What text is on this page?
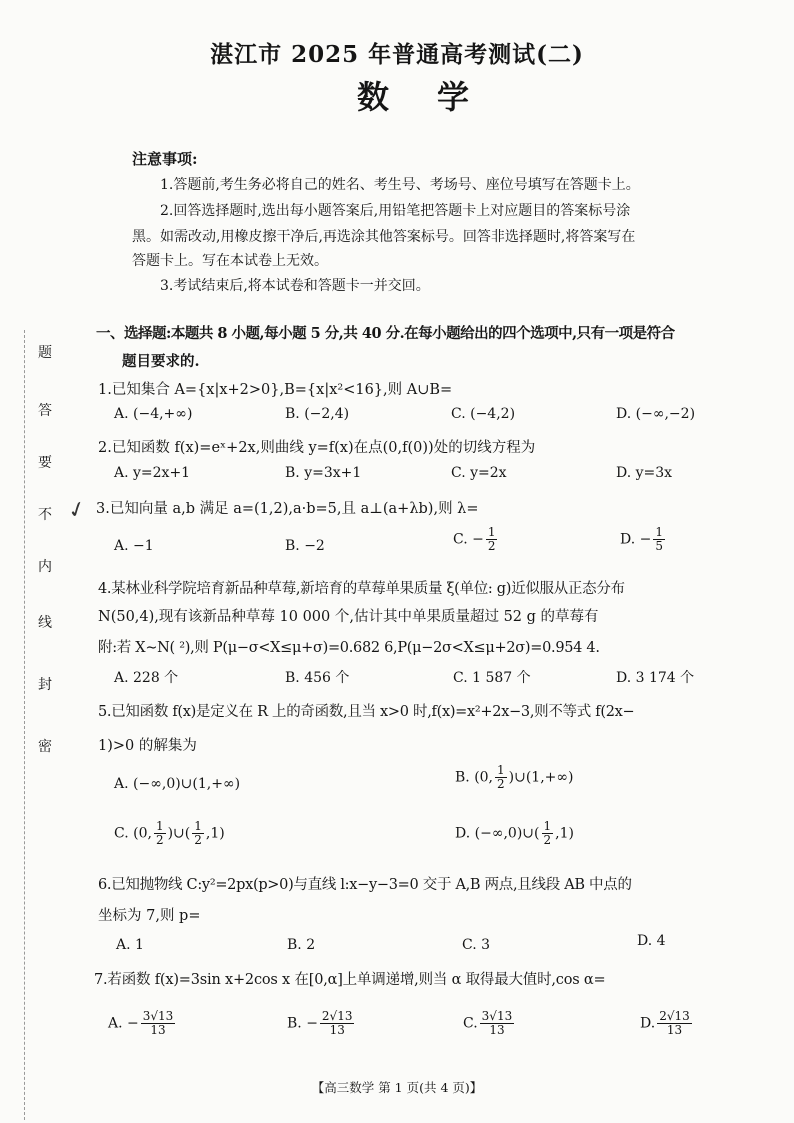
题
答
要
不
内
线
封
密
✓
湛江市 2025 年普通高考测试(二)
数学
注意事项:
1.答题前,考生务必将自己的姓名、考生号、考场号、座位号填写在答题卡上。
2.回答选择题时,选出每小题答案后,用铅笔把答题卡上对应题目的答案标号涂
黑。如需改动,用橡皮擦干净后,再选涂其他答案标号。回答非选择题时,将答案写在
答题卡上。写在本试卷上无效。
3.考试结束后,将本试卷和答题卡一并交回。
一、选择题:本题共 8 小题,每小题 5 分,共 40 分.在每小题给出的四个选项中,只有一项是符合
题目要求的.
1.已知集合 A={x|x+2>0},B={x|x²<16},则 A∪B=
A. (−4,+∞)	B. (−2,4)	C. (−4,2)	D. (−∞,−2)
2.已知函数 f(x)=eˣ+2x,则曲线 y=f(x)在点(0,f(0))处的切线方程为
A. y=2x+1	B. y=3x+1	C. y=2x	D. y=3x
3.已知向量 a,b 满足 a=(1,2),a·b=5,且 a⊥(a+λb),则 λ=
A. −1	B. −2	C. − $\frac{1}{2}$	D. − $\frac{1}{5}$
4.某林业科学院培育新品种草莓,新培育的草莓单果质量 ξ(单位: g)近似服从正态分布
N(50,4),现有该新品种草莓 10 000 个,估计其中单果质量超过 52 g 的草莓有
附:若 X∼N( ²),则 P(μ−σ<X≤μ+σ)=0.682 6,P(μ−2σ<X≤μ+2σ)=0.954 4.
A. 228 个	B. 456 个	C. 1 587 个	D. 3 174 个
5.已知函数 f(x)是定义在 R 上的奇函数,且当 x>0 时,f(x)=x²+2x−3,则不等式 f(2x−
1)>0 的解集为
A. (−∞,0)∪(1,+∞)	B. (0, $\frac{1}{2}$ )∪(1,+∞)
C. (0, $\frac{1}{2}$ )∪( $\frac{1}{2} ,1$)	D. (−∞,0)∪( $\frac{1}{2} ,1$)
6.已知抛物线 C:y²=2px(p>0)与直线 l:x−y−3=0 交于 A,B 两点,且线段 AB 中点的
坐标为 7,则 p=
A. 1	B. 2	C. 3	D. 4
7.若函数 f(x)=3sin x+2cos x 在[0,α]上单调递增,则当 α 取得最大值时,cos α=
A. − $\frac{3√13}{13}$	B. − $\frac{2√13}{13}$	C. $\frac{3√13}{13}$	D. $\frac{2√13}{13}$
【高三数学 第 1 页(共 4 页)】
